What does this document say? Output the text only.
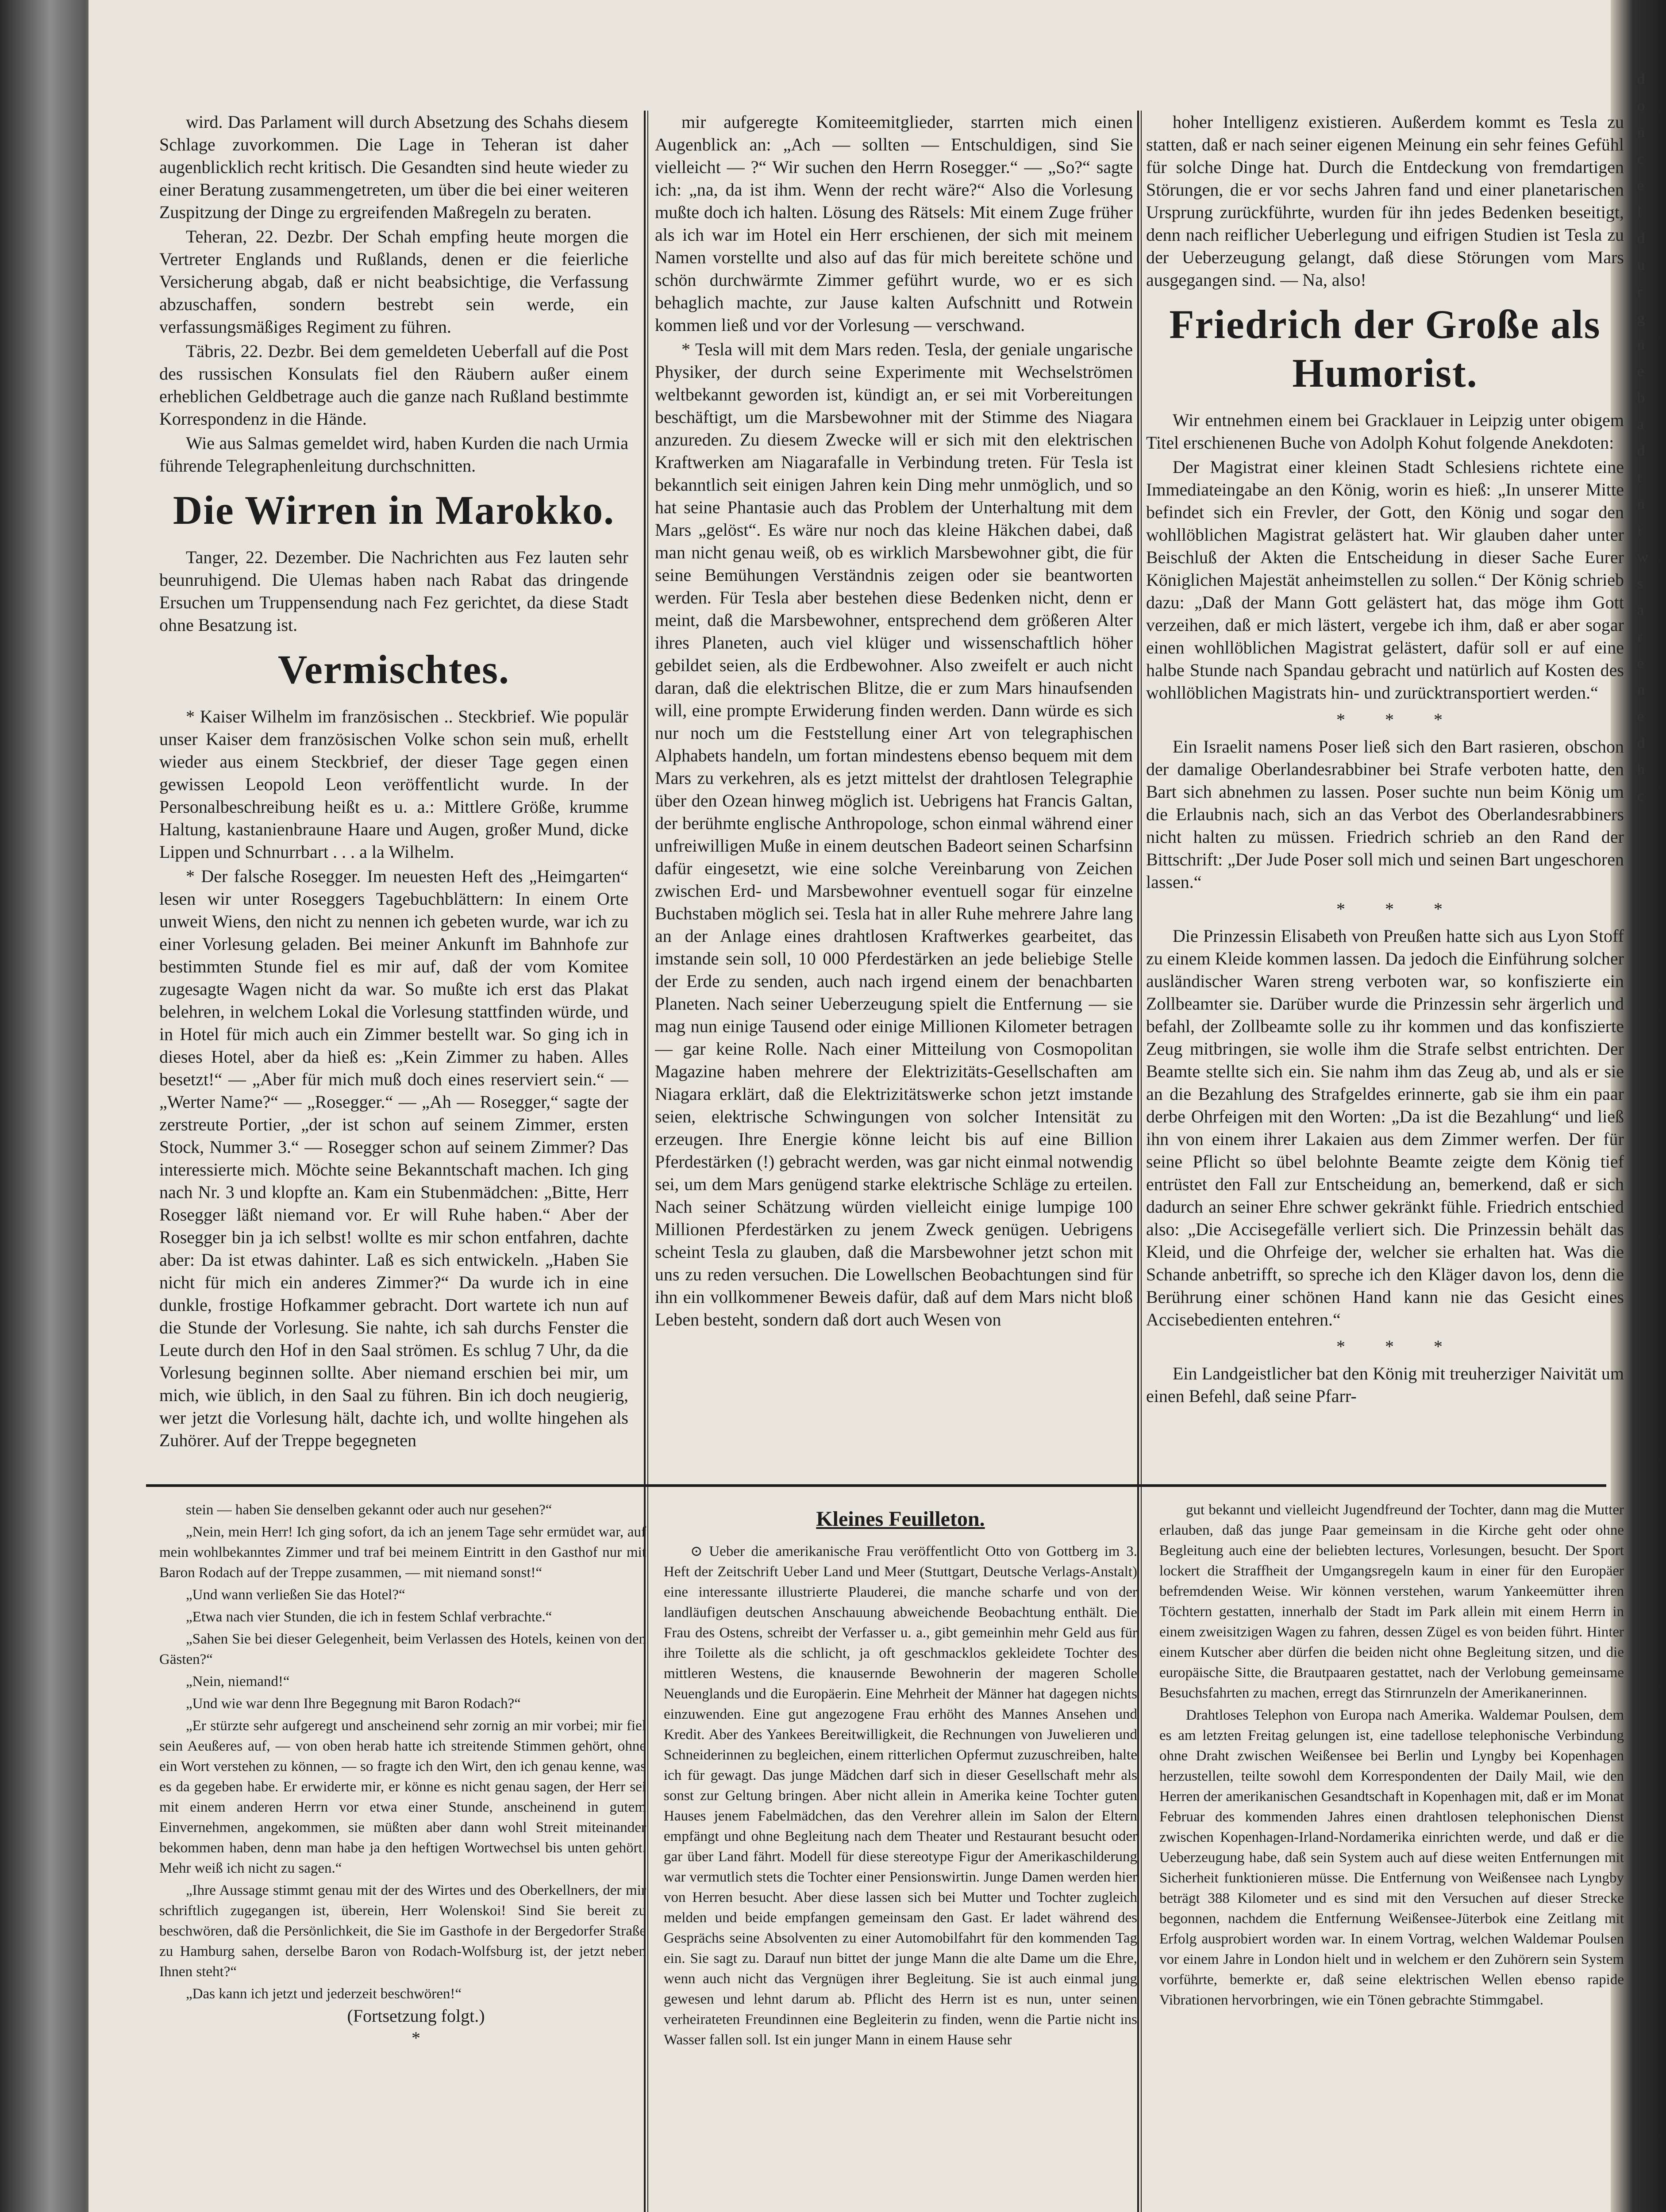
d
o
n
c
e
l
d
u
r
g
n
e
b
a
d
t
n
i
w
s
a
r
e
n
e
d
h
c

wird. Das Parlament will durch Absetzung des Schahs diesem Schlage zuvorkommen. Die Lage in Teheran ist daher augenblicklich recht kritisch. Die Gesandten sind heute wieder zu einer Beratung zusammengetreten, um über die bei einer weiteren Zuspitzung der Dinge zu ergreifenden Maßregeln zu beraten.

Teheran, 22. Dezbr. Der Schah empfing heute morgen die Vertreter Englands und Rußlands, denen er die feierliche Versicherung abgab, daß er nicht beabsichtige, die Verfassung abzuschaffen, sondern bestrebt sein werde, ein verfassungsmäßiges Regiment zu führen.

Täbris, 22. Dezbr. Bei dem gemeldeten Ueberfall auf die Post des russischen Konsulats fiel den Räubern außer einem erheblichen Geldbetrage auch die ganze nach Rußland bestimmte Korrespondenz in die Hände.

Wie aus Salmas gemeldet wird, haben Kurden die nach Urmia führende Telegraphenleitung durchschnitten.

Die Wirren in Marokko.

Tanger, 22. Dezember. Die Nachrichten aus Fez lauten sehr beunruhigend. Die Ulemas haben nach Rabat das dringende Ersuchen um Truppensendung nach Fez gerichtet, da diese Stadt ohne Besatzung ist.

Vermischtes.

* Kaiser Wilhelm im französischen .. Steckbrief. Wie populär unser Kaiser dem französischen Volke schon sein muß, erhellt wieder aus einem Steckbrief, der dieser Tage gegen einen gewissen Leopold Leon veröffentlicht wurde. In der Personalbeschreibung heißt es u. a.: Mittlere Größe, krumme Haltung, kastanienbraune Haare und Augen, großer Mund, dicke Lippen und Schnurrbart . . . a la Wilhelm.

* Der falsche Rosegger. Im neuesten Heft des „Heimgarten“ lesen wir unter Roseggers Tagebuchblättern: In einem Orte unweit Wiens, den nicht zu nennen ich gebeten wurde, war ich zu einer Vorlesung geladen. Bei meiner Ankunft im Bahnhofe zur bestimmten Stunde fiel es mir auf, daß der vom Komitee zugesagte Wagen nicht da war. So mußte ich erst das Plakat belehren, in welchem Lokal die Vorlesung stattfinden würde, und in Hotel für mich auch ein Zimmer bestellt war. So ging ich in dieses Hotel, aber da hieß es: „Kein Zimmer zu haben. Alles besetzt!“ — „Aber für mich muß doch eines reserviert sein.“ — „Werter Name?“ — „Rosegger.“ — „Ah — Rosegger,“ sagte der zerstreute Portier, „der ist schon auf seinem Zimmer, ersten Stock, Nummer 3.“ — Rosegger schon auf seinem Zimmer? Das interessierte mich. Möchte seine Bekanntschaft machen. Ich ging nach Nr. 3 und klopfte an. Kam ein Stubenmädchen: „Bitte, Herr Rosegger läßt niemand vor. Er will Ruhe haben.“ Aber der Rosegger bin ja ich selbst! wollte es mir schon entfahren, dachte aber: Da ist etwas dahinter. Laß es sich entwickeln. „Haben Sie nicht für mich ein anderes Zimmer?“ Da wurde ich in eine dunkle, frostige Hofkammer gebracht. Dort wartete ich nun auf die Stunde der Vorlesung. Sie nahte, ich sah durchs Fenster die Leute durch den Hof in den Saal strömen. Es schlug 7 Uhr, da die Vorlesung beginnen sollte. Aber niemand erschien bei mir, um mich, wie üblich, in den Saal zu führen. Bin ich doch neugierig, wer jetzt die Vorlesung hält, dachte ich, und wollte hingehen als Zuhörer. Auf der Treppe begegneten

mir aufgeregte Komiteemitglieder, starrten mich einen Augenblick an: „Ach — sollten — Entschuldigen, sind Sie vielleicht — ?“ Wir suchen den Herrn Rosegger.“ — „So?“ sagte ich: „na, da ist ihm. Wenn der recht wäre?“ Also die Vorlesung mußte doch ich halten. Lösung des Rätsels: Mit einem Zuge früher als ich war im Hotel ein Herr erschienen, der sich mit meinem Namen vorstellte und also auf das für mich bereitete schöne und schön durchwärmte Zimmer geführt wurde, wo er es sich behaglich machte, zur Jause kalten Aufschnitt und Rotwein kommen ließ und vor der Vorlesung — verschwand.

* Tesla will mit dem Mars reden. Tesla, der geniale ungarische Physiker, der durch seine Experimente mit Wechselströmen weltbekannt geworden ist, kündigt an, er sei mit Vorbereitungen beschäftigt, um die Marsbewohner mit der Stimme des Niagara anzureden. Zu diesem Zwecke will er sich mit den elektrischen Kraftwerken am Niagarafalle in Verbindung treten. Für Tesla ist bekanntlich seit einigen Jahren kein Ding mehr unmöglich, und so hat seine Phantasie auch das Problem der Unterhaltung mit dem Mars „gelöst“. Es wäre nur noch das kleine Häkchen dabei, daß man nicht genau weiß, ob es wirklich Marsbewohner gibt, die für seine Bemühungen Verständnis zeigen oder sie beantworten werden. Für Tesla aber bestehen diese Bedenken nicht, denn er meint, daß die Marsbewohner, entsprechend dem größeren Alter ihres Planeten, auch viel klüger und wissenschaftlich höher gebildet seien, als die Erdbewohner. Also zweifelt er auch nicht daran, daß die elektrischen Blitze, die er zum Mars hinaufsenden will, eine prompte Erwiderung finden werden. Dann würde es sich nur noch um die Feststellung einer Art von telegraphischen Alphabets handeln, um fortan mindestens ebenso bequem mit dem Mars zu verkehren, als es jetzt mittelst der drahtlosen Telegraphie über den Ozean hinweg möglich ist. Uebrigens hat Francis Galtan, der berühmte englische Anthropologe, schon einmal während einer unfreiwilligen Muße in einem deutschen Badeort seinen Scharfsinn dafür eingesetzt, wie eine solche Vereinbarung von Zeichen zwischen Erd- und Marsbewohner eventuell sogar für einzelne Buchstaben möglich sei. Tesla hat in aller Ruhe mehrere Jahre lang an der Anlage eines drahtlosen Kraftwerkes gearbeitet, das imstande sein soll, 10 000 Pferdestärken an jede beliebige Stelle der Erde zu senden, auch nach irgend einem der benachbarten Planeten. Nach seiner Ueberzeugung spielt die Entfernung — sie mag nun einige Tausend oder einige Millionen Kilometer betragen — gar keine Rolle. Nach einer Mitteilung von Cosmopolitan Magazine haben mehrere der Elektrizitäts-Gesellschaften am Niagara erklärt, daß die Elektrizitätswerke schon jetzt imstande seien, elektrische Schwingungen von solcher Intensität zu erzeugen. Ihre Energie könne leicht bis auf eine Billion Pferdestärken (!) gebracht werden, was gar nicht einmal notwendig sei, um dem Mars genügend starke elektrische Schläge zu erteilen. Nach seiner Schätzung würden vielleicht einige lumpige 100 Millionen Pferdestärken zu jenem Zweck genügen. Uebrigens scheint Tesla zu glauben, daß die Marsbewohner jetzt schon mit uns zu reden versuchen. Die Lowellschen Beobachtungen sind für ihn ein vollkommener Beweis dafür, daß auf dem Mars nicht bloß Leben besteht, sondern daß dort auch Wesen von

hoher Intelligenz existieren. Außerdem kommt es Tesla zu statten, daß er nach seiner eigenen Meinung ein sehr feines Gefühl für solche Dinge hat. Durch die Entdeckung von fremdartigen Störungen, die er vor sechs Jahren fand und einer planetarischen Ursprung zurückführte, wurden für ihn jedes Bedenken beseitigt, denn nach reiflicher Ueberlegung und eifrigen Studien ist Tesla zu der Ueberzeugung gelangt, daß diese Störungen vom Mars ausgegangen sind. — Na, also!

Friedrich der Große als Humorist.

Wir entnehmen einem bei Gracklauer in Leipzig unter obigem Titel erschienenen Buche von Adolph Kohut folgende Anekdoten:

Der Magistrat einer kleinen Stadt Schlesiens richtete eine Immediateingabe an den König, worin es hieß: „In unserer Mitte befindet sich ein Frevler, der Gott, den König und sogar den wohllöblichen Magistrat gelästert hat. Wir glauben daher unter Beischluß der Akten die Entscheidung in dieser Sache Eurer Königlichen Majestät anheimstellen zu sollen.“ Der König schrieb dazu: „Daß der Mann Gott gelästert hat, das möge ihm Gott verzeihen, daß er mich lästert, vergebe ich ihm, daß er aber sogar einen wohllöblichen Magistrat gelästert, dafür soll er auf eine halbe Stunde nach Spandau gebracht und natürlich auf Kosten des wohllöblichen Magistrats hin- und zurücktransportiert werden.“

* * *

Ein Israelit namens Poser ließ sich den Bart rasieren, obschon der damalige Oberlandesrabbiner bei Strafe verboten hatte, den Bart sich abnehmen zu lassen. Poser suchte nun beim König um die Erlaubnis nach, sich an das Verbot des Oberlandesrabbiners nicht halten zu müssen. Friedrich schrieb an den Rand der Bittschrift: „Der Jude Poser soll mich und seinen Bart ungeschoren lassen.“

* * *

Die Prinzessin Elisabeth von Preußen hatte sich aus Lyon Stoff zu einem Kleide kommen lassen. Da jedoch die Einführung solcher ausländischer Waren streng verboten war, so konfiszierte ein Zollbeamter sie. Darüber wurde die Prinzessin sehr ärgerlich und befahl, der Zollbeamte solle zu ihr kommen und das konfiszierte Zeug mitbringen, sie wolle ihm die Strafe selbst entrichten. Der Beamte stellte sich ein. Sie nahm ihm das Zeug ab, und als er sie an die Bezahlung des Strafgeldes erinnerte, gab sie ihm ein paar derbe Ohrfeigen mit den Worten: „Da ist die Bezahlung“ und ließ ihn von einem ihrer Lakaien aus dem Zimmer werfen. Der für seine Pflicht so übel belohnte Beamte zeigte dem König tief entrüstet den Fall zur Entscheidung an, bemerkend, daß er sich dadurch an seiner Ehre schwer gekränkt fühle. Friedrich entschied also: „Die Accisegefälle verliert sich. Die Prinzessin behält das Kleid, und die Ohrfeige der, welcher sie erhalten hat. Was die Schande anbetrifft, so spreche ich den Kläger davon los, denn die Berührung einer schönen Hand kann nie das Gesicht eines Accisebedienten entehren.“

* * *

Ein Landgeistlicher bat den König mit treuherziger Naivität um einen Befehl, daß seine Pfarr-

stein — haben Sie denselben gekannt oder auch nur gesehen?“

„Nein, mein Herr! Ich ging sofort, da ich an jenem Tage sehr ermüdet war, auf mein wohlbekanntes Zimmer und traf bei meinem Eintritt in den Gasthof nur mit Baron Rodach auf der Treppe zusammen, — mit niemand sonst!“

„Und wann verließen Sie das Hotel?“

„Etwa nach vier Stunden, die ich in festem Schlaf verbrachte.“

„Sahen Sie bei dieser Gelegenheit, beim Verlassen des Hotels, keinen von den Gästen?“

„Nein, niemand!“

„Und wie war denn Ihre Begegnung mit Baron Rodach?“

„Er stürzte sehr aufgeregt und anscheinend sehr zornig an mir vorbei; mir fiel sein Aeußeres auf, — von oben herab hatte ich streitende Stimmen gehört, ohne ein Wort verstehen zu können, — so fragte ich den Wirt, den ich genau kenne, was es da gegeben habe. Er erwiderte mir, er könne es nicht genau sagen, der Herr sei mit einem anderen Herrn vor etwa einer Stunde, anscheinend in gutem Einvernehmen, angekommen, sie müßten aber dann wohl Streit miteinander bekommen haben, denn man habe ja den heftigen Wortwechsel bis unten gehört. Mehr weiß ich nicht zu sagen.“

„Ihre Aussage stimmt genau mit der des Wirtes und des Oberkellners, der mir schriftlich zugegangen ist, überein, Herr Wolenskoi! Sind Sie bereit zu beschwören, daß die Persönlichkeit, die Sie im Gasthofe in der Bergedorfer Straße zu Hamburg sahen, derselbe Baron von Rodach-Wolfsburg ist, der jetzt neben Ihnen steht?“

„Das kann ich jetzt und jederzeit beschwören!“

(Fortsetzung folgt.)

*

Kleines Feuilleton.

⊙ Ueber die amerikanische Frau veröffentlicht Otto von Gottberg im 3. Heft der Zeitschrift Ueber Land und Meer (Stuttgart, Deutsche Verlags-Anstalt) eine interessante illustrierte Plauderei, die manche scharfe und von der landläufigen deutschen Anschauung abweichende Beobachtung enthält. Die Frau des Ostens, schreibt der Verfasser u. a., gibt gemeinhin mehr Geld aus für ihre Toilette als die schlicht, ja oft geschmacklos gekleidete Tochter des mittleren Westens, die knausernde Bewohnerin der mageren Scholle Neuenglands und die Europäerin. Eine Mehrheit der Männer hat dagegen nichts einzuwenden. Eine gut angezogene Frau erhöht des Mannes Ansehen und Kredit. Aber des Yankees Bereitwilligkeit, die Rechnungen von Juwelieren und Schneiderinnen zu begleichen, einem ritterlichen Opfermut zuzuschreiben, halte ich für gewagt. Das junge Mädchen darf sich in dieser Gesellschaft mehr als sonst zur Geltung bringen. Aber nicht allein in Amerika keine Tochter guten Hauses jenem Fabelmädchen, das den Verehrer allein im Salon der Eltern empfängt und ohne Begleitung nach dem Theater und Restaurant besucht oder gar über Land fährt. Modell für diese stereotype Figur der Amerikaschilderung war vermutlich stets die Tochter einer Pensionswirtin. Junge Damen werden hier von Herren besucht. Aber diese lassen sich bei Mutter und Tochter zugleich melden und beide empfangen gemeinsam den Gast. Er ladet während des Gesprächs seine Absolventen zu einer Automobilfahrt für den kommenden Tag ein. Sie sagt zu. Darauf nun bittet der junge Mann die alte Dame um die Ehre, wenn auch nicht das Vergnügen ihrer Begleitung. Sie ist auch einmal jung gewesen und lehnt darum ab. Pflicht des Herrn ist es nun, unter seinen verheirateten Freundinnen eine Begleiterin zu finden, wenn die Partie nicht ins Wasser fallen soll. Ist ein junger Mann in einem Hause sehr

gut bekannt und vielleicht Jugendfreund der Tochter, dann mag die Mutter erlauben, daß das junge Paar gemeinsam in die Kirche geht oder ohne Begleitung auch eine der beliebten lectures, Vorlesungen, besucht. Der Sport lockert die Straffheit der Umgangsregeln kaum in einer für den Europäer befremdenden Weise. Wir können verstehen, warum Yankeemütter ihren Töchtern gestatten, innerhalb der Stadt im Park allein mit einem Herrn in einem zweisitzigen Wagen zu fahren, dessen Zügel es von beiden führt. Hinter einem Kutscher aber dürfen die beiden nicht ohne Begleitung sitzen, und die europäische Sitte, die Brautpaaren gestattet, nach der Verlobung gemeinsame Besuchsfahrten zu machen, erregt das Stirnrunzeln der Amerikanerinnen.

Drahtloses Telephon von Europa nach Amerika. Waldemar Poulsen, dem es am letzten Freitag gelungen ist, eine tadellose telephonische Verbindung ohne Draht zwischen Weißensee bei Berlin und Lyngby bei Kopenhagen herzustellen, teilte sowohl dem Korrespondenten der Daily Mail, wie den Herren der amerikanischen Gesandtschaft in Kopenhagen mit, daß er im Monat Februar des kommenden Jahres einen drahtlosen telephonischen Dienst zwischen Kopenhagen-Irland-Nordamerika einrichten werde, und daß er die Ueberzeugung habe, daß sein System auch auf diese weiten Entfernungen mit Sicherheit funktionieren müsse. Die Entfernung von Weißensee nach Lyngby beträgt 388 Kilometer und es sind mit den Versuchen auf dieser Strecke begonnen, nachdem die Entfernung Weißensee-Jüterbok eine Zeitlang mit Erfolg ausprobiert worden war. In einem Vortrag, welchen Waldemar Poulsen vor einem Jahre in London hielt und in welchem er den Zuhörern sein System vorführte, bemerkte er, daß seine elektrischen Wellen ebenso rapide Vibrationen hervorbringen, wie ein Tönen gebrachte Stimmgabel.
